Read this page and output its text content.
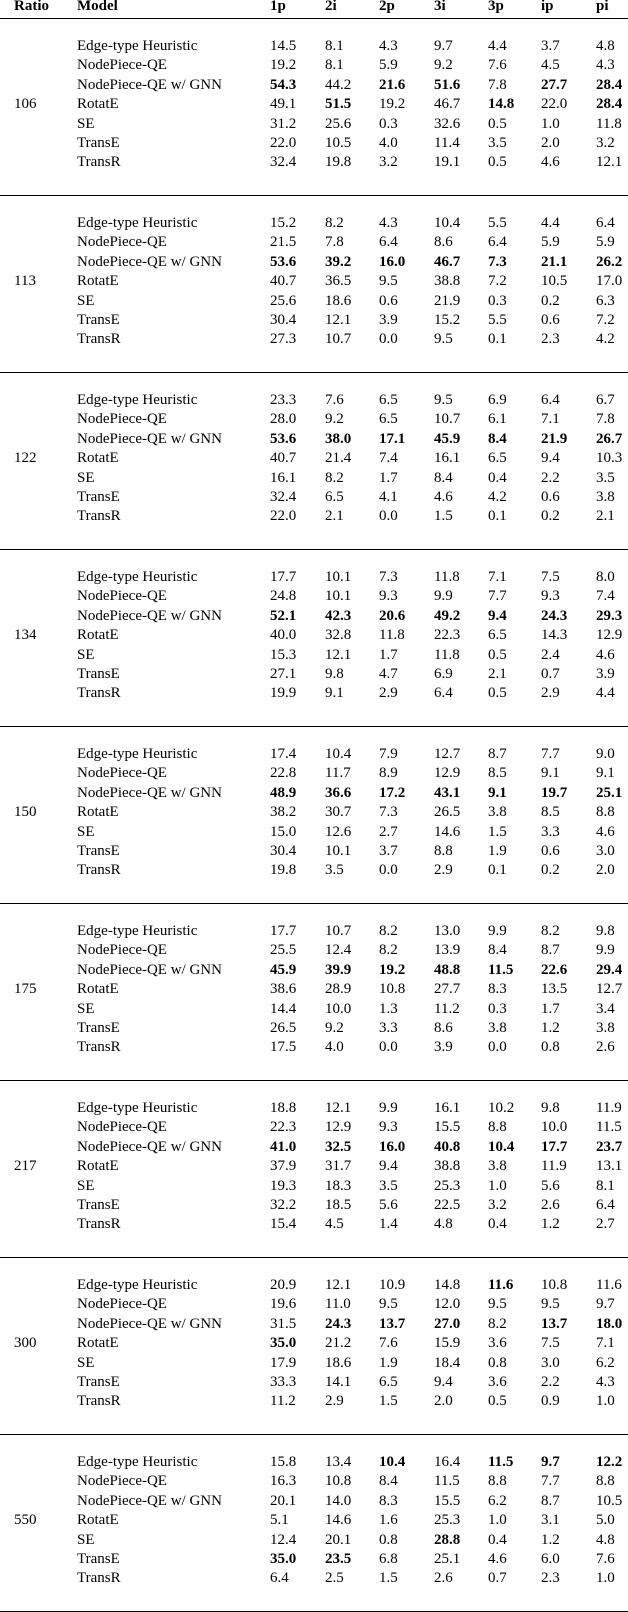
Ratio Model	1p	2i	2p	3i	3p ip	pi
106
Edge-type Heuristic	14.5 8.1 4.3 9.7 4.4 3.7 4.8
NodePiece-QE	19.2 8.1 5.9 9.2 7.6 4.5 4.3
NodePiece-QE w/ GNN	54.3 44.2 21.6 51.6 7.8 27.7 28.4
RotatE	49.1 51.5 19.2 46.7 14.8 22.0 28.4
SE	31.2 25.6 0.3 32.6 0.5 1.0 11.8
TransE	22.0 10.5 4.0 11.4 3.5 2.0 3.2
TransR	32.4 19.8 3.2 19.1 0.5 4.6 12.1
113
Edge-type Heuristic	15.2 8.2 4.3 10.4 5.5 4.4 6.4
NodePiece-QE	21.5 7.8 6.4 8.6 6.4 5.9 5.9
NodePiece-QE w/ GNN	53.6 39.2 16.0 46.7 7.3 21.1 26.2
RotatE	40.7 36.5 9.5 38.8 7.2 10.5 17.0
SE	25.6 18.6 0.6 21.9 0.3 0.2 6.3
TransE	30.4 12.1 3.9 15.2 5.5 0.6 7.2
TransR	27.3 10.7 0.0 9.5 0.1 2.3 4.2
122
Edge-type Heuristic	23.3 7.6 6.5 9.5 6.9 6.4 6.7
NodePiece-QE	28.0 9.2 6.5 10.7 6.1 7.1 7.8
NodePiece-QE w/ GNN	53.6 38.0 17.1 45.9 8.4 21.9 26.7
RotatE	40.7 21.4 7.4 16.1 6.5 9.4 10.3
SE	16.1 8.2 1.7 8.4 0.4 2.2 3.5
TransE	32.4 6.5 4.1 4.6 4.2 0.6 3.8
TransR	22.0 2.1 0.0 1.5 0.1 0.2 2.1
134
Edge-type Heuristic	17.7 10.1 7.3 11.8 7.1 7.5 8.0
NodePiece-QE	24.8 10.1 9.3 9.9 7.7 9.3 7.4
NodePiece-QE w/ GNN	52.1 42.3 20.6 49.2 9.4 24.3 29.3
RotatE	40.0 32.8 11.8 22.3 6.5 14.3 12.9
SE	15.3 12.1 1.7 11.8 0.5 2.4 4.6
TransE	27.1 9.8 4.7 6.9 2.1 0.7 3.9
TransR	19.9 9.1 2.9 6.4 0.5 2.9 4.4
150
Edge-type Heuristic	17.4 10.4 7.9 12.7 8.7 7.7 9.0
NodePiece-QE	22.8 11.7 8.9 12.9 8.5 9.1 9.1
NodePiece-QE w/ GNN	48.9 36.6 17.2 43.1 9.1 19.7 25.1
RotatE	38.2 30.7 7.3 26.5 3.8 8.5 8.8
SE	15.0 12.6 2.7 14.6 1.5 3.3 4.6
TransE	30.4 10.1 3.7 8.8 1.9 0.6 3.0
TransR	19.8 3.5 0.0 2.9 0.1 0.2 2.0
175
Edge-type Heuristic	17.7 10.7 8.2 13.0 9.9 8.2 9.8
NodePiece-QE	25.5 12.4 8.2 13.9 8.4 8.7 9.9
NodePiece-QE w/ GNN	45.9 39.9 19.2 48.8 11.5 22.6 29.4
RotatE	38.6 28.9 10.8 27.7 8.3 13.5 12.7
SE	14.4 10.0 1.3 11.2 0.3 1.7 3.4
TransE	26.5 9.2 3.3 8.6 3.8 1.2 3.8
TransR	17.5 4.0 0.0 3.9 0.0 0.8 2.6
217
Edge-type Heuristic	18.8 12.1 9.9 16.1 10.2 9.8 11.9
NodePiece-QE	22.3 12.9 9.3 15.5 8.8 10.0 11.5
NodePiece-QE w/ GNN	41.0 32.5 16.0 40.8 10.4 17.7 23.7
RotatE	37.9 31.7 9.4 38.8 3.8 11.9 13.1
SE	19.3 18.3 3.5 25.3 1.0 5.6 8.1
TransE	32.2 18.5 5.6 22.5 3.2 2.6 6.4
TransR	15.4 4.5 1.4 4.8 0.4 1.2 2.7
300
Edge-type Heuristic	20.9 12.1 10.9 14.8 11.6 10.8 11.6
NodePiece-QE	19.6 11.0 9.5 12.0 9.5 9.5 9.7
NodePiece-QE w/ GNN	31.5 24.3 13.7 27.0 8.2 13.7 18.0
RotatE	35.0 21.2 7.6 15.9 3.6 7.5 7.1
SE	17.9 18.6 1.9 18.4 0.8 3.0 6.2
TransE	33.3 14.1 6.5 9.4 3.6 2.2 4.3
TransR	11.2 2.9 1.5 2.0 0.5 0.9 1.0
550
Edge-type Heuristic	15.8 13.4 10.4 16.4 11.5 9.7 12.2
NodePiece-QE	16.3 10.8 8.4 11.5 8.8 7.7 8.8
NodePiece-QE w/ GNN	20.1 14.0 8.3 15.5 6.2 8.7 10.5
RotatE	5.1 14.6 1.6 25.3 1.0 3.1 5.0
SE	12.4 20.1 0.8 28.8 0.4 1.2 4.8
TransE	35.0 23.5 6.8 25.1 4.6 6.0 7.6
TransR	6.4 2.5 1.5 2.6 0.7 2.3 1.0
